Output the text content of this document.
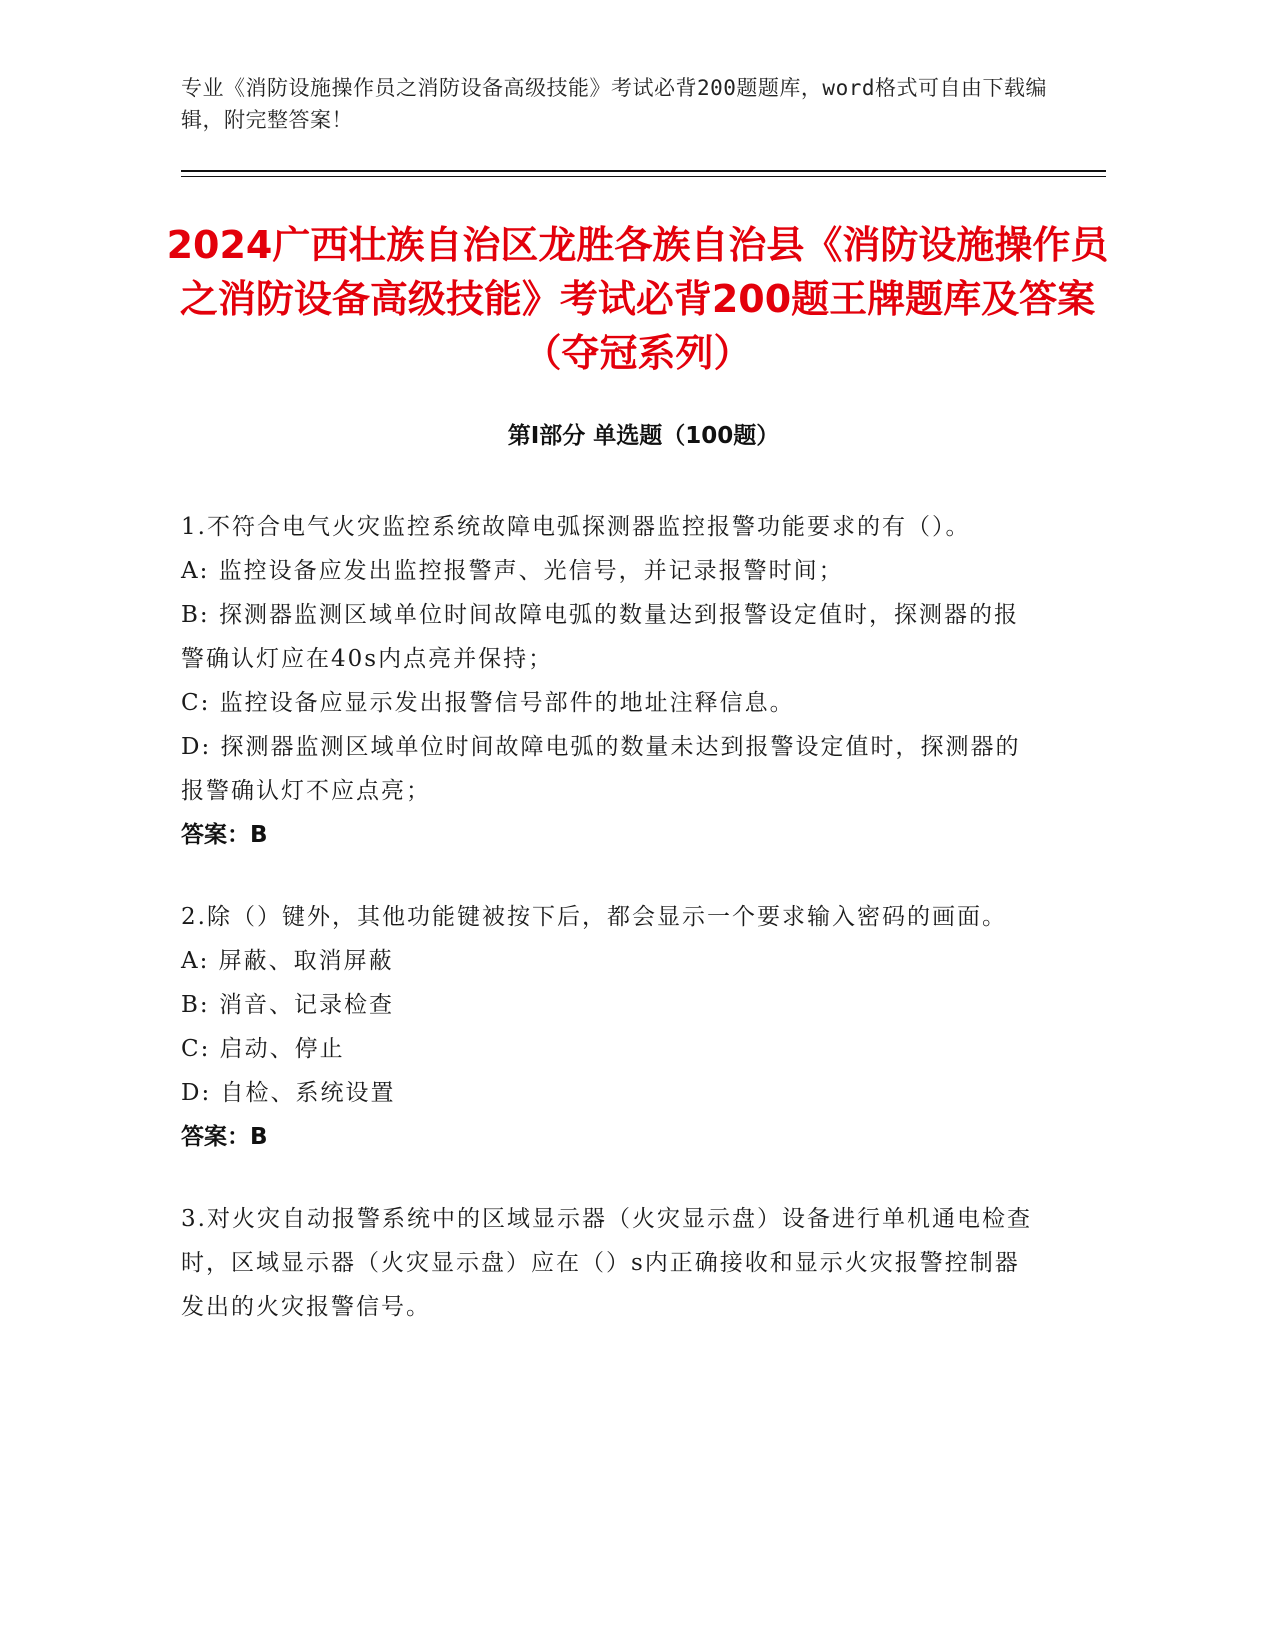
专业《消防设施操作员之消防设备高级技能》考试必背200题题库，word格式可自由下载编辑，附完整答案！
2024广西壮族自治区龙胜各族自治县《消防设施操作员之消防设备高级技能》考试必背200题王牌题库及答案（夺冠系列）
第Ⅰ部分 单选题（100题）
1.不符合电气火灾监控系统故障电弧探测器监控报警功能要求的有（）。
A: 监控设备应发出监控报警声、光信号，并记录报警时间；
B: 探测器监测区域单位时间故障电弧的数量达到报警设定值时，探测器的报警确认灯应在40s内点亮并保持；
C: 监控设备应显示发出报警信号部件的地址注释信息。
D: 探测器监测区域单位时间故障电弧的数量未达到报警设定值时，探测器的报警确认灯不应点亮；
答案：B
2.除（）键外，其他功能键被按下后，都会显示一个要求输入密码的画面。
A: 屏蔽、取消屏蔽
B: 消音、记录检查
C: 启动、停止
D: 自检、系统设置
答案：B
3.对火灾自动报警系统中的区域显示器（火灾显示盘）设备进行单机通电检查时，区域显示器（火灾显示盘）应在（）s内正确接收和显示火灾报警控制器发出的火灾报警信号。
